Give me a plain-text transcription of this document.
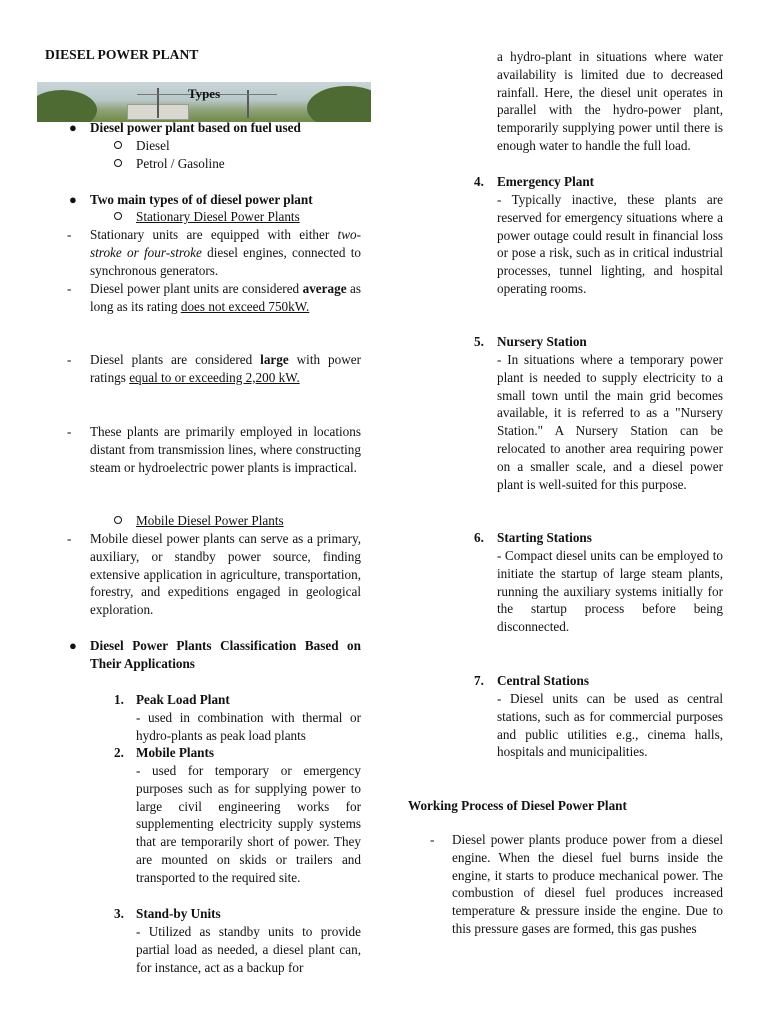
DIESEL POWER PLANT
Types
● Diesel power plant based on fuel used
Diesel
Petrol / Gasoline
● Two main types of of diesel power plant
Stationary Diesel Power Plants
- Stationary units are equipped with either two-stroke or four-stroke diesel engines, connected to synchronous generators.

- Diesel power plant units are considered average as long as its rating does not exceed 750kW.

- Diesel plants are considered large with power ratings equal to or exceeding 2,200 kW.

- These plants are primarily employed in locations distant from transmission lines, where constructing steam or hydroelectric power plants is impractical.

Mobile Diesel Power Plants
- Mobile diesel power plants can serve as a primary, auxiliary, or standby power source, finding extensive application in agriculture, transportation, forestry, and expeditions engaged in geological exploration.

● Diesel Power Plants Classification Based on Their Applications

1. Peak Load Plant

- used in combination with thermal or hydro-plants as peak load plants

2. Mobile Plants

- used for temporary or emergency purposes such as for supplying power to large civil engineering works for supplementing electricity supply systems that are temporarily short of power. They are mounted on skids or trailers and transported to the required site.

3. Stand-by Units

- Utilized as standby units to provide partial load as needed, a diesel plant can, for instance, act as a backup for

a hydro-plant in situations where water availability is limited due to decreased rainfall. Here, the diesel unit operates in parallel with the hydro-power plant, temporarily supplying power until there is enough water to handle the full load.

4. Emergency Plant

- Typically inactive, these plants are reserved for emergency situations where a power outage could result in financial loss or pose a risk, such as in critical industrial processes, tunnel lighting, and hospital operating rooms.

5. Nursery Station

- In situations where a temporary power plant is needed to supply electricity to a small town until the main grid becomes available, it is referred to as a "Nursery Station." A Nursery Station can be relocated to another area requiring power on a smaller scale, and a diesel power plant is well-suited for this purpose.

6. Starting Stations

- Compact diesel units can be employed to initiate the startup of large steam plants, running the auxiliary systems initially for the startup process before being disconnected.

7. Central Stations

- Diesel units can be used as central stations, such as for commercial purposes and public utilities e.g., cinema halls, hospitals and municipalities.

Working Process of Diesel Power Plant
- Diesel power plants produce power from a diesel engine. When the diesel fuel burns inside the engine, it starts to produce mechanical power. The combustion of diesel fuel produces increased temperature & pressure inside the engine. Due to this pressure gases are formed, this gas pushes
